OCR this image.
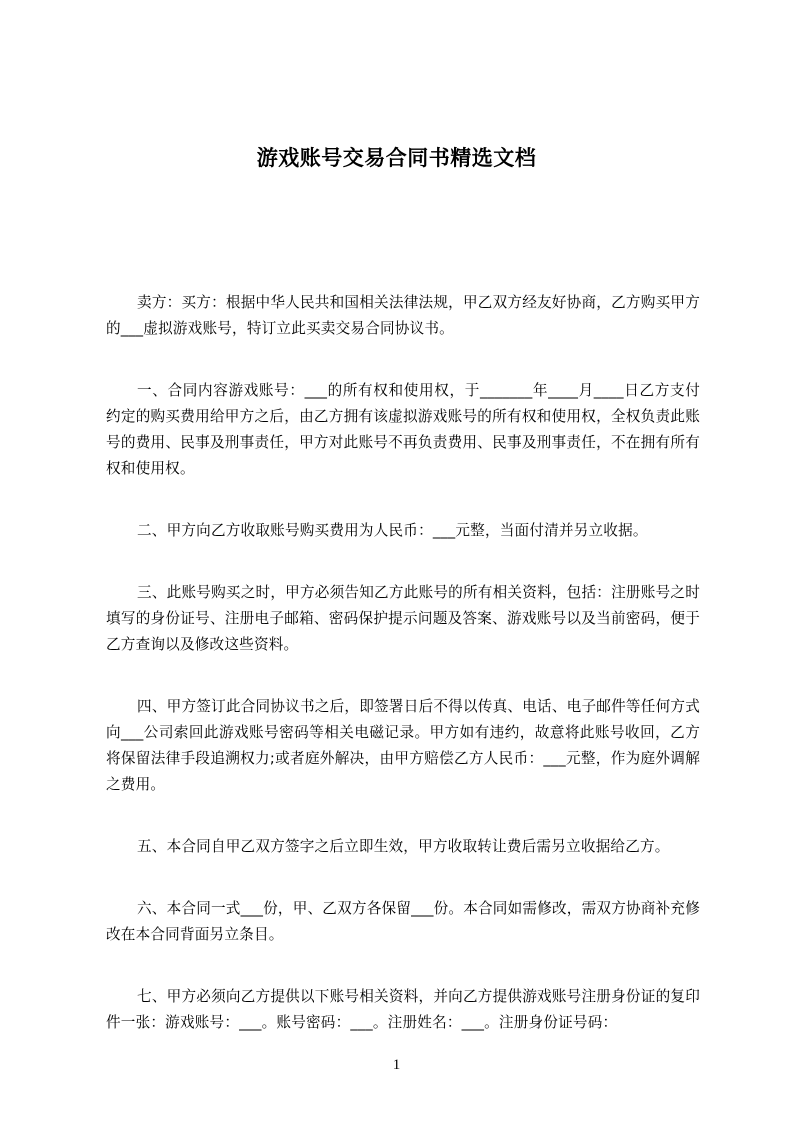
游戏账号交易合同书精选文档

卖方：买方：根据中华人民共和国相关法律法规，甲乙双方经友好协商，乙方购买甲方的___虚拟游戏账号，特订立此买卖交易合同协议书。

一、合同内容游戏账号：___的所有权和使用权，于_______年____月____日乙方支付约定的购买费用给甲方之后，由乙方拥有该虚拟游戏账号的所有权和使用权，全权负责此账号的费用、民事及刑事责任，甲方对此账号不再负责费用、民事及刑事责任，不在拥有所有权和使用权。

二、甲方向乙方收取账号购买费用为人民币：___元整，当面付清并另立收据。

三、此账号购买之时，甲方必须告知乙方此账号的所有相关资料，包括：注册账号之时填写的身份证号、注册电子邮箱、密码保护提示问题及答案、游戏账号以及当前密码，便于乙方查询以及修改这些资料。

四、甲方签订此合同协议书之后，即签署日后不得以传真、电话、电子邮件等任何方式向___公司索回此游戏账号密码等相关电磁记录。甲方如有违约，故意将此账号收回，乙方将保留法律手段追溯权力;或者庭外解决，由甲方赔偿乙方人民币：___元整，作为庭外调解之费用。

五、本合同自甲乙双方签字之后立即生效，甲方收取转让费后需另立收据给乙方。

六、本合同一式___份，甲、乙双方各保留___份。本合同如需修改，需双方协商补充修改在本合同背面另立条目。

七、甲方必须向乙方提供以下账号相关资料，并向乙方提供游戏账号注册身份证的复印件一张：游戏账号：___。账号密码：___。注册姓名：___。注册身份证号码：

1
